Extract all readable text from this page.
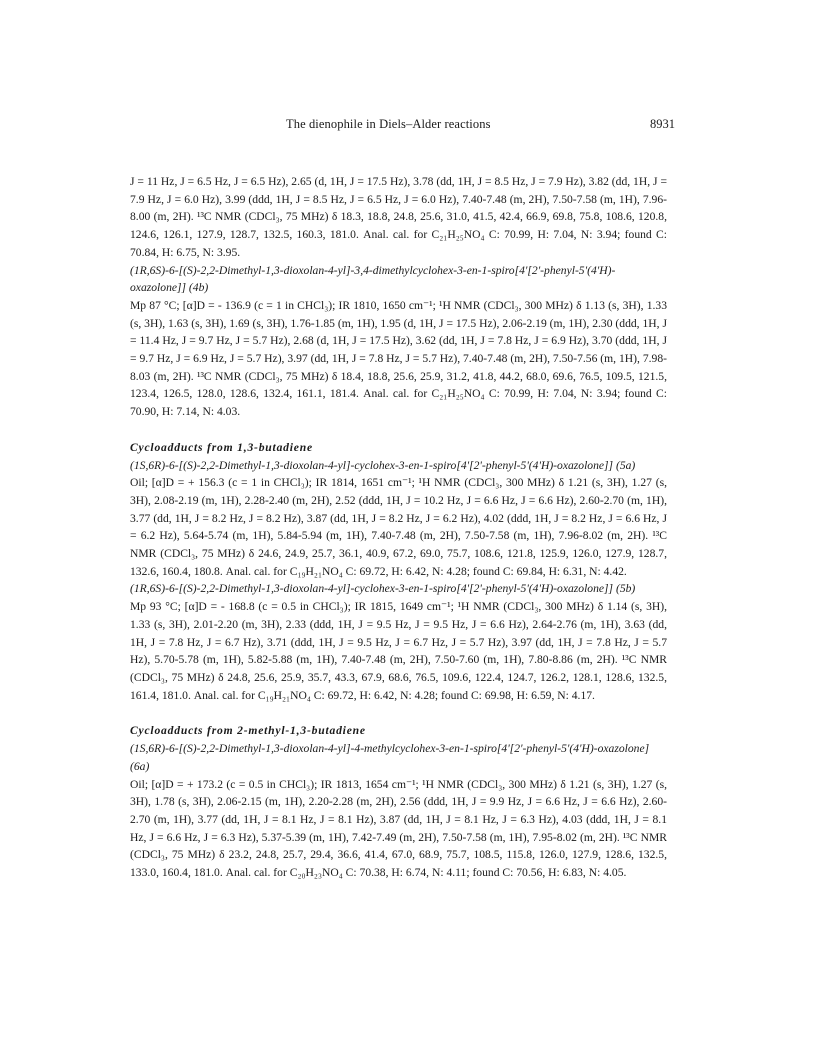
The dienophile in Diels–Alder reactions	8931

J = 11 Hz, J = 6.5 Hz, J = 6.5 Hz), 2.65 (d, 1H, J = 17.5 Hz), 3.78 (dd, 1H, J = 8.5 Hz, J = 7.9 Hz), 3.82 (dd, 1H, J = 7.9 Hz, J = 6.0 Hz), 3.99 (ddd, 1H, J = 8.5 Hz, J = 6.5 Hz, J = 6.0 Hz), 7.40-7.48 (m, 2H), 7.50-7.58 (m, 1H), 7.96-8.00 (m, 2H). ¹³C NMR (CDCl₃, 75 MHz) δ 18.3, 18.8, 24.8, 25.6, 31.0, 41.5, 42.4, 66.9, 69.8, 75.8, 108.6, 120.8, 124.6, 126.1, 127.9, 128.7, 132.5, 160.3, 181.0. Anal. cal. for C₂₁H₂₅NO₄ C: 70.99, H: 7.04, N: 3.94; found C: 70.84, H: 6.75, N: 3.95.

(1R,6S)-6-[(S)-2,2-Dimethyl-1,3-dioxolan-4-yl]-3,4-dimethylcyclohex-3-en-1-spiro[4'[2'-phenyl-5'(4'H)-oxazolone]] (4b)

Mp 87 °C; [α]D = - 136.9 (c = 1 in CHCl₃); IR 1810, 1650 cm⁻¹; ¹H NMR (CDCl₃, 300 MHz) δ 1.13 (s, 3H), 1.33 (s, 3H), 1.63 (s, 3H), 1.69 (s, 3H), 1.76-1.85 (m, 1H), 1.95 (d, 1H, J = 17.5 Hz), 2.06-2.19 (m, 1H), 2.30 (ddd, 1H, J = 11.4 Hz, J = 9.7 Hz, J = 5.7 Hz), 2.68 (d, 1H, J = 17.5 Hz), 3.62 (dd, 1H, J = 7.8 Hz, J = 6.9 Hz), 3.70 (ddd, 1H, J = 9.7 Hz, J = 6.9 Hz, J = 5.7 Hz), 3.97 (dd, 1H, J = 7.8 Hz, J = 5.7 Hz), 7.40-7.48 (m, 2H), 7.50-7.56 (m, 1H), 7.98-8.03 (m, 2H). ¹³C NMR (CDCl₃, 75 MHz) δ 18.4, 18.8, 25.6, 25.9, 31.2, 41.8, 44.2, 68.0, 69.6, 76.5, 109.5, 121.5, 123.4, 126.5, 128.0, 128.6, 132.4, 161.1, 181.4. Anal. cal. for C₂₁H₂₅NO₄ C: 70.99, H: 7.04, N: 3.94; found C: 70.90, H: 7.14, N: 4.03.

Cycloadducts from 1,3-butadiene

(1S,6R)-6-[(S)-2,2-Dimethyl-1,3-dioxolan-4-yl]-cyclohex-3-en-1-spiro[4'[2'-phenyl-5'(4'H)-oxazolone]] (5a)

Oil; [α]D = + 156.3 (c = 1 in CHCl₃); IR 1814, 1651 cm⁻¹; ¹H NMR (CDCl₃, 300 MHz) δ 1.21 (s, 3H), 1.27 (s, 3H), 2.08-2.19 (m, 1H), 2.28-2.40 (m, 2H), 2.52 (ddd, 1H, J = 10.2 Hz, J = 6.6 Hz, J = 6.6 Hz), 2.60-2.70 (m, 1H), 3.77 (dd, 1H, J = 8.2 Hz, J = 8.2 Hz), 3.87 (dd, 1H, J = 8.2 Hz, J = 6.2 Hz), 4.02 (ddd, 1H, J = 8.2 Hz, J = 6.6 Hz, J = 6.2 Hz), 5.64-5.74 (m, 1H), 5.84-5.94 (m, 1H), 7.40-7.48 (m, 2H), 7.50-7.58 (m, 1H), 7.96-8.02 (m, 2H). ¹³C NMR (CDCl₃, 75 MHz) δ 24.6, 24.9, 25.7, 36.1, 40.9, 67.2, 69.0, 75.7, 108.6, 121.8, 125.9, 126.0, 127.9, 128.7, 132.6, 160.4, 180.8. Anal. cal. for C₁₉H₂₁NO₄ C: 69.72, H: 6.42, N: 4.28; found C: 69.84, H: 6.31, N: 4.42.

(1R,6S)-6-[(S)-2,2-Dimethyl-1,3-dioxolan-4-yl]-cyclohex-3-en-1-spiro[4'[2'-phenyl-5'(4'H)-oxazolone]] (5b)

Mp 93 °C; [α]D = - 168.8 (c = 0.5 in CHCl₃); IR 1815, 1649 cm⁻¹; ¹H NMR (CDCl₃, 300 MHz) δ 1.14 (s, 3H), 1.33 (s, 3H), 2.01-2.20 (m, 3H), 2.33 (ddd, 1H, J = 9.5 Hz, J = 9.5 Hz, J = 6.6 Hz), 2.64-2.76 (m, 1H), 3.63 (dd, 1H, J = 7.8 Hz, J = 6.7 Hz), 3.71 (ddd, 1H, J = 9.5 Hz, J = 6.7 Hz, J = 5.7 Hz), 3.97 (dd, 1H, J = 7.8 Hz, J = 5.7 Hz), 5.70-5.78 (m, 1H), 5.82-5.88 (m, 1H), 7.40-7.48 (m, 2H), 7.50-7.60 (m, 1H), 7.80-8.86 (m, 2H). ¹³C NMR (CDCl₃, 75 MHz) δ 24.8, 25.6, 25.9, 35.7, 43.3, 67.9, 68.6, 76.5, 109.6, 122.4, 124.7, 126.2, 128.1, 128.6, 132.5, 161.4, 181.0. Anal. cal. for C₁₉H₂₁NO₄ C: 69.72, H: 6.42, N: 4.28; found C: 69.98, H: 6.59, N: 4.17.

Cycloadducts from 2-methyl-1,3-butadiene

(1S,6R)-6-[(S)-2,2-Dimethyl-1,3-dioxolan-4-yl]-4-methylcyclohex-3-en-1-spiro[4'[2'-phenyl-5'(4'H)-oxazolone] (6a)

Oil; [α]D = + 173.2 (c = 0.5 in CHCl₃); IR 1813, 1654 cm⁻¹; ¹H NMR (CDCl₃, 300 MHz) δ 1.21 (s, 3H), 1.27 (s, 3H), 1.78 (s, 3H), 2.06-2.15 (m, 1H), 2.20-2.28 (m, 2H), 2.56 (ddd, 1H, J = 9.9 Hz, J = 6.6 Hz, J = 6.6 Hz), 2.60-2.70 (m, 1H), 3.77 (dd, 1H, J = 8.1 Hz, J = 8.1 Hz), 3.87 (dd, 1H, J = 8.1 Hz, J = 6.3 Hz), 4.03 (ddd, 1H, J = 8.1 Hz, J = 6.6 Hz, J = 6.3 Hz), 5.37-5.39 (m, 1H), 7.42-7.49 (m, 2H), 7.50-7.58 (m, 1H), 7.95-8.02 (m, 2H). ¹³C NMR (CDCl₃, 75 MHz) δ 23.2, 24.8, 25.7, 29.4, 36.6, 41.4, 67.0, 68.9, 75.7, 108.5, 115.8, 126.0, 127.9, 128.6, 132.5, 133.0, 160.4, 181.0. Anal. cal. for C₂₀H₂₃NO₄ C: 70.38, H: 6.74, N: 4.11; found C: 70.56, H: 6.83, N: 4.05.
